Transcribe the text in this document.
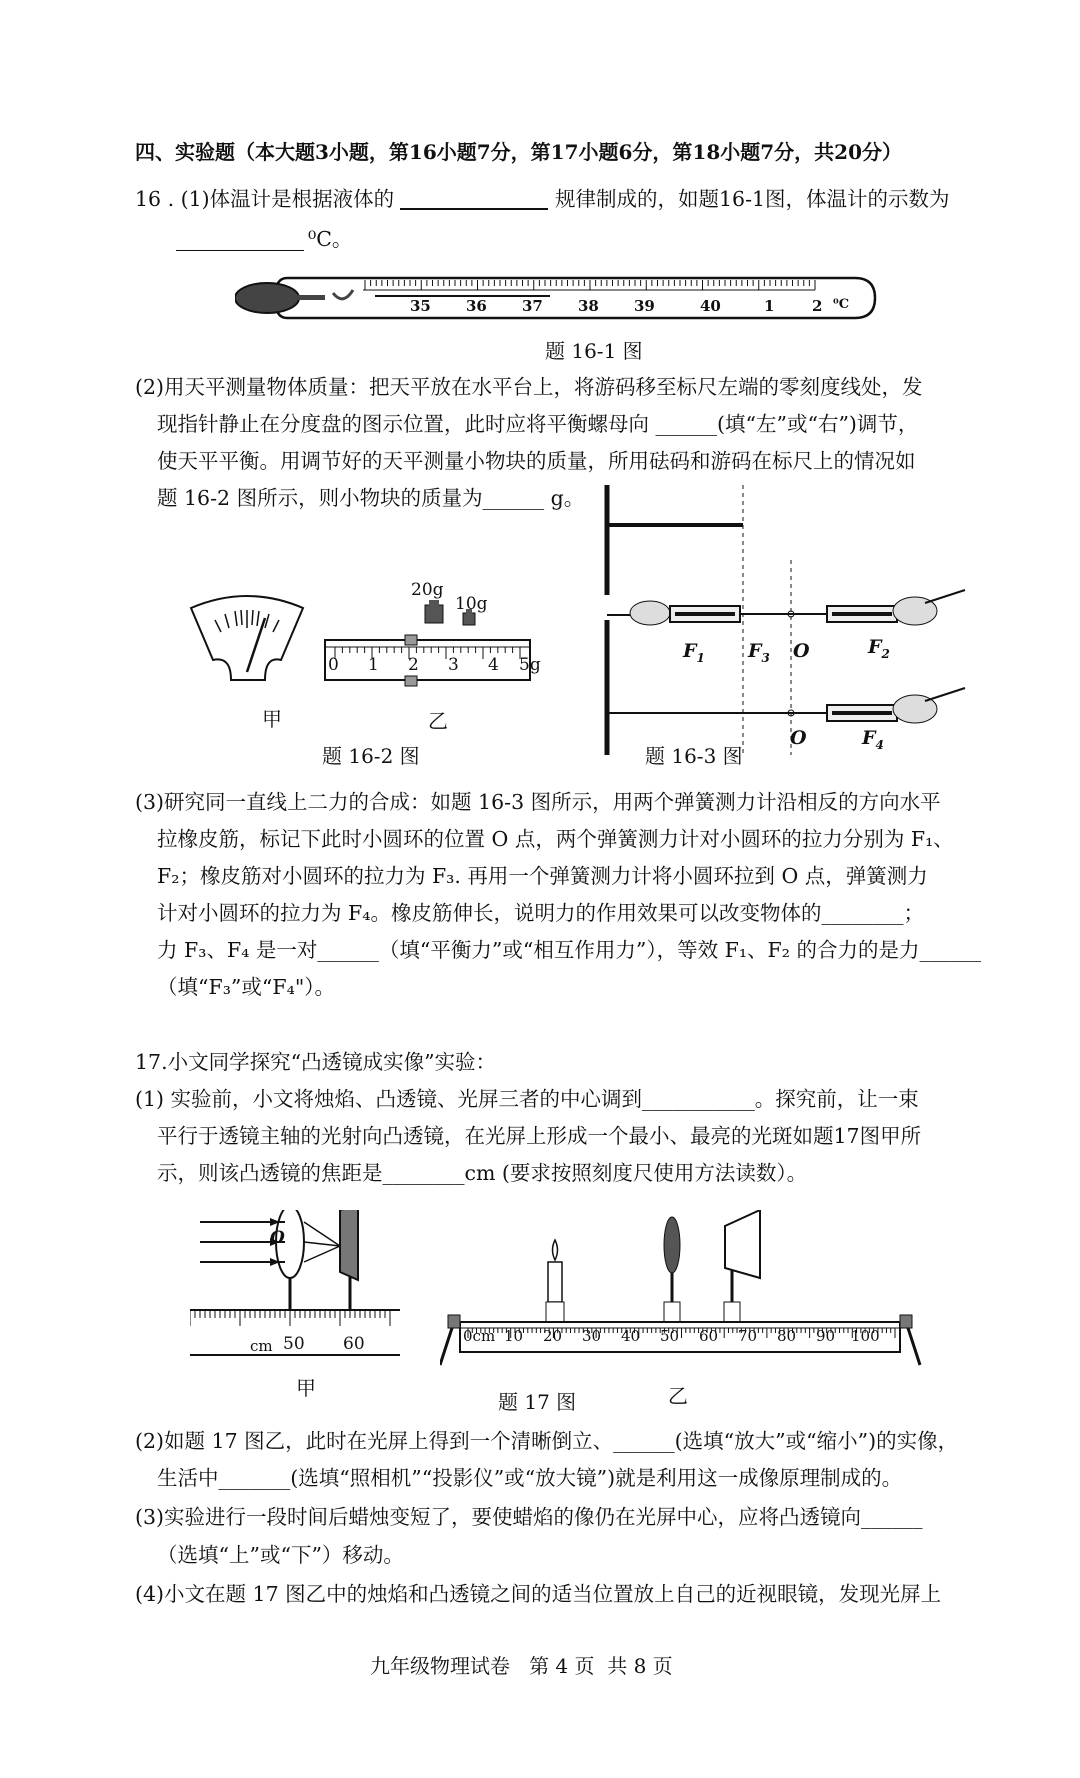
四、实验题（本大题3小题，第16小题7分，第17小题6分，第18小题7分，共20分）
16 . (1)体温计是根据液体的	规律制成的，如题16-1图，体温计的示数为
⁰C。
35 36 37 38 39	40	1	2 ⁰C
题 16-1 图
(2)用天平测量物体质量：把天平放在水平台上，将游码移至标尺左端的零刻度线处，发
现指针静止在分度盘的图示位置，此时应将平衡螺母向 ______(填“左”或“右”)调节，
使天平平衡。用调节好的天平测量小物块的质量，所用砝码和游码在标尺上的情况如
题 16-2 图所示，则小物块的质量为______ g。
20g
10g
0 1 2 3 4 5g
甲	乙
题 16-2 图
$F_1$ $F_3$ O	$F_2$
题 16-3 图
O	$F_4$
(3)研究同一直线上二力的合成：如题 16-3 图所示，用两个弹簧测力计沿相反的方向水平
拉橡皮筋，标记下此时小圆环的位置 O 点，两个弹簧测力计对小圆环的拉力分别为 F₁、
F₂；橡皮筋对小圆环的拉力为 F₃. 再用一个弹簧测力计将小圆环拉到 O 点，弹簧测力
计对小圆环的拉力为 F₄。橡皮筋伸长，说明力的作用效果可以改变物体的________；
力 F₃、F₄ 是一对______（填“平衡力”或“相互作用力”），等效 F₁、F₂ 的合力的是力______
（填“F₃”或“F₄"）。
17.小文同学探究“凸透镜成实像”实验：
(1) 实验前，小文将烛焰、凸透镜、光屏三者的中心调到___________。探究前，让一束
平行于透镜主轴的光射向凸透镜，在光屏上形成一个最小、最亮的光斑如题17图甲所
示，则该凸透镜的焦距是________cm (要求按照刻度尺使用方法读数）。
O
cm 50 60
甲
0cm 10 20 30 40 50 60 70 80 90 100
题 17 图	乙
(2)如题 17 图乙，此时在光屏上得到一个清晰倒立、______(选填“放大”或“缩小”)的实像，
生活中_______(选填“照相机”“投影仪”或“放大镜”)就是利用这一成像原理制成的。
(3)实验进行一段时间后蜡烛变短了，要使蜡焰的像仍在光屏中心，应将凸透镜向______
（选填“上”或“下”）移动。
(4)小文在题 17 图乙中的烛焰和凸透镜之间的适当位置放上自己的近视眼镜，发现光屏上
九年级物理试卷   第 4 页  共 8 页
